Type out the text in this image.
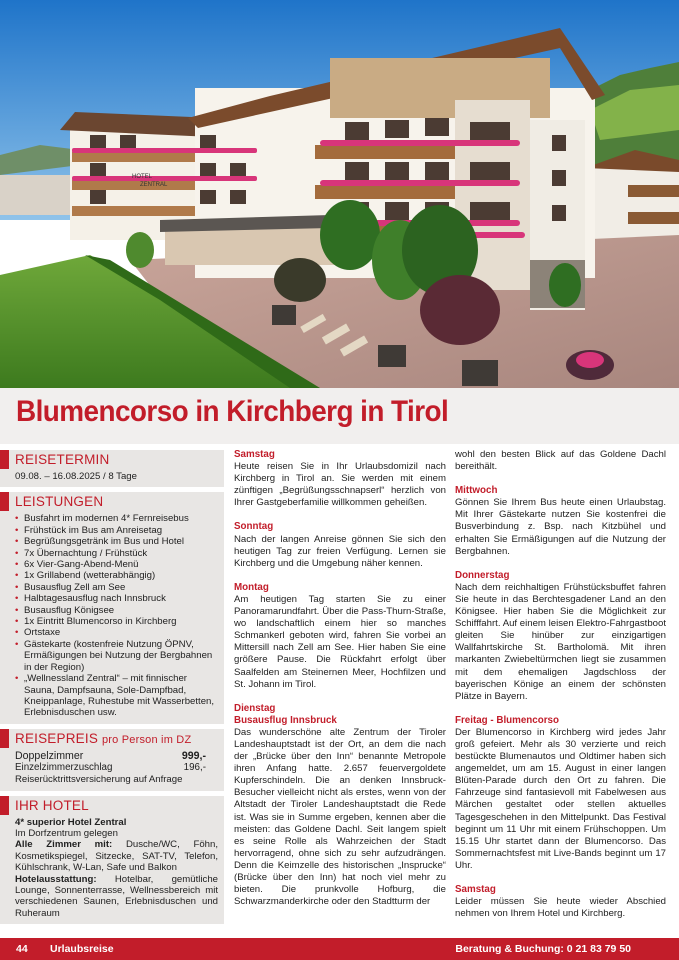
HOTEL
ZENTRAL
Blumencorso in Kirchberg in Tirol
REISETERMIN
09.08. – 16.08.2025 / 8 Tage
LEISTUNGEN
• Busfahrt im modernen 4* Fernreisebus
• Frühstück im Bus am Anreisetag
• Begrüßungsgetränk im Bus und Hotel
• 7x Übernachtung / Frühstück
• 6x Vier-Gang-Abend-Menü
• 1x Grillabend (wetterabhängig)
• Busausflug Zell am See
• Halbtagesausflug nach Innsbruck
• Busausflug Königsee
• 1x Eintritt Blumencorso in Kirchberg
• Ortstaxe
• Gästekarte (kostenfreie Nutzung ÖPNV, Ermäßigungen bei Nutzung der Bergbahnen in der Region)
• „Wellnessland Zentral“ – mit finnischer Sauna, Dampfsauna, Sole-Dampfbad, Kneippanlage, Ruhestube mit Wasserbetten, Erlebnisduschen usw.
REISEPREIS pro Person im DZ
Doppelzimmer	999,-
Einzelzimmerzuschlag	196,-
Reiserücktrittsversicherung auf Anfrage
IHR HOTEL
4* superior Hotel Zentral
Im Dorfzentrum gelegen

Alle Zimmer mit: Dusche/WC, Föhn, Kosmetikspiegel, Sitzecke, SAT-TV, Telefon, Kühlschrank, W-Lan, Safe und Balkon

Hotelausstattung: Hotelbar, gemütliche Lounge, Sonnenterrasse, Wellnessbereich mit verschiedenen Saunen, Erlebnisduschen und Ruheraum

Samstag
Heute reisen Sie in Ihr Urlaubsdomizil nach Kirchberg in Tirol an. Sie werden mit einem zünftigen „Begrüßungsschnapserl“ herzlich von Ihrer Gastgeberfamilie willkommen geheißen.
Sonntag
Nach der langen Anreise gönnen Sie sich den heutigen Tag zur freien Verfügung. Lernen sie Kirchberg und die Umgebung näher kennen.
Montag
Am heutigen Tag starten Sie zu einer Panoramarundfahrt. Über die Pass-Thurn-Straße, wo landschaftlich einem hier so manches Schmankerl geboten wird, fahren Sie vorbei an Mittersill nach Zell am See. Hier haben Sie eine größere Pause. Die Rückfahrt erfolgt über Saalfelden am Steinernen Meer, Hochfilzen und St. Johann im Tirol.
Dienstag
Busausflug Innsbruck
Das wunderschöne alte Zentrum der Tiroler Landeshauptstadt ist der Ort, an dem die nach der „Brücke über den Inn“ benannte Metropole ihren Anfang hatte. 2.657 feuervergoldete Kupferschindeln. Die an denken Innsbruck-Besucher vielleicht nicht als erstes, wenn von der Altstadt der Tiroler Landeshauptstadt die Rede ist. Was sie in Summe ergeben, kennen aber die meisten: das Goldene Dachl. Seit langem spielt es seine Rolle als Wahrzeichen der Stadt hervorragend, ohne sich zu sehr aufzudrängen. Denn die Keimzelle des historischen „Insprucke“ (Brücke über den Inn) hat noch viel mehr zu bieten. Die prunkvolle Hofburg, die Schwarzmanderkirche oder den Stadtturm der
wohl den besten Blick auf das Goldene Dachl bereithält.
Mittwoch
Gönnen Sie Ihrem Bus heute einen Urlaubstag. Mit Ihrer Gästekarte nutzen Sie kostenfrei die Busverbindung z. Bsp. nach Kitzbühel und erhalten Sie Ermäßigungen auf die Nutzung der Bergbahnen.
Donnerstag
Nach dem reichhaltigen Frühstücksbuffet fahren Sie heute in das Berchtesgadener Land an den Königsee. Hier haben Sie die Möglichkeit zur Schifffahrt. Auf einem leisen Elektro-Fahrgastboot gleiten Sie hinüber zur einzigartigen Wallfahrtskirche St. Bartholomä. Mit ihren markanten Zwiebeltürmchen liegt sie zusammen mit dem ehemaligen Jagdschloss der bayerischen Könige an einem der schönsten Plätze in Bayern.
Freitag - Blumencorso
Der Blumencorso in Kirchberg wird jedes Jahr groß gefeiert. Mehr als 30 verzierte und reich bestückte Blumenautos und Oldtimer haben sich angemeldet, um am 15. August in einer langen Blüten-Parade durch den Ort zu fahren. Die Fahrzeuge sind fantasievoll mit Fabelwesen aus Märchen gestaltet oder stellen aktuelles Tagesgeschehen in den Mittelpunkt. Das Festival beginnt um 11 Uhr mit einem Frühschoppen. Um 15.15 Uhr startet dann der Blumencorso. Das Sommernachtsfest mit Live-Bands beginnt um 17 Uhr.
Samstag
Leider müssen Sie heute wieder Abschied nehmen von Ihrem Hotel und Kirchberg.
44 Urlaubsreise	Beratung & Buchung: 0 21 83 79 50
